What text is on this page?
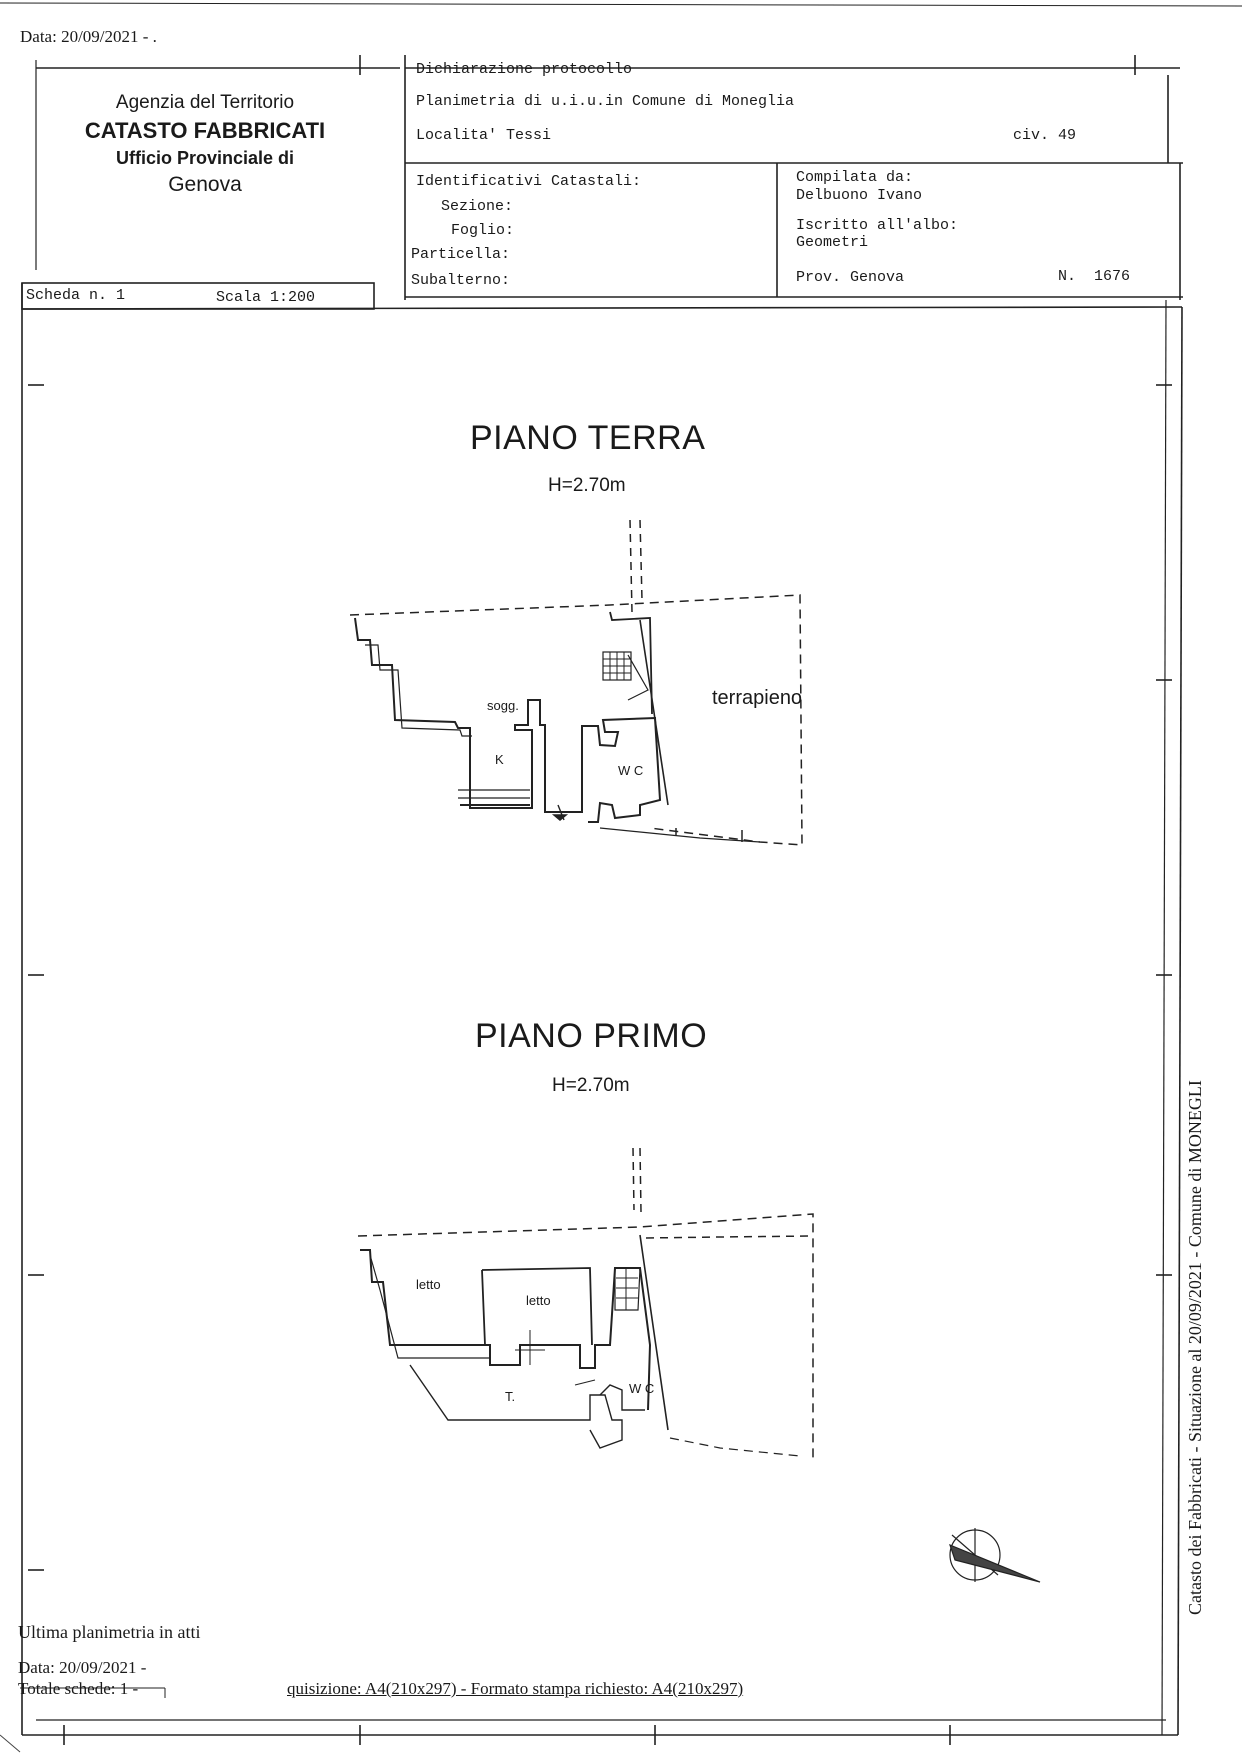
Data: 20/09/2021 - .
Agenzia del Territorio
CATASTO FABBRICATI
Ufficio Provinciale di
Genova
Scheda n. 1	Scala 1:200
Dichiarazione protocollo
Planimetria di u.i.u.in Comune di Moneglia
Localita' Tessi	civ. 49
Identificativi Catastali:
Sezione:
Foglio:
Particella:
Subalterno:
Compilata da:
Delbuono Ivano
Iscritto all'albo:
Geometri
Prov. Genova	N.  1676
PIANO TERRA
H=2.70m
sogg.
K
W C
terrapieno
PIANO PRIMO
H=2.70m
letto
letto
T.
W C
Ultima planimetria in atti
Data: 20/09/2021 -
Totale schede: 1 -	quisizione: A4(210x297) - Formato stampa richiesto: A4(210x297)
Catasto dei Fabbricati - Situazione al 20/09/2021 - Comune di MONEGLI
